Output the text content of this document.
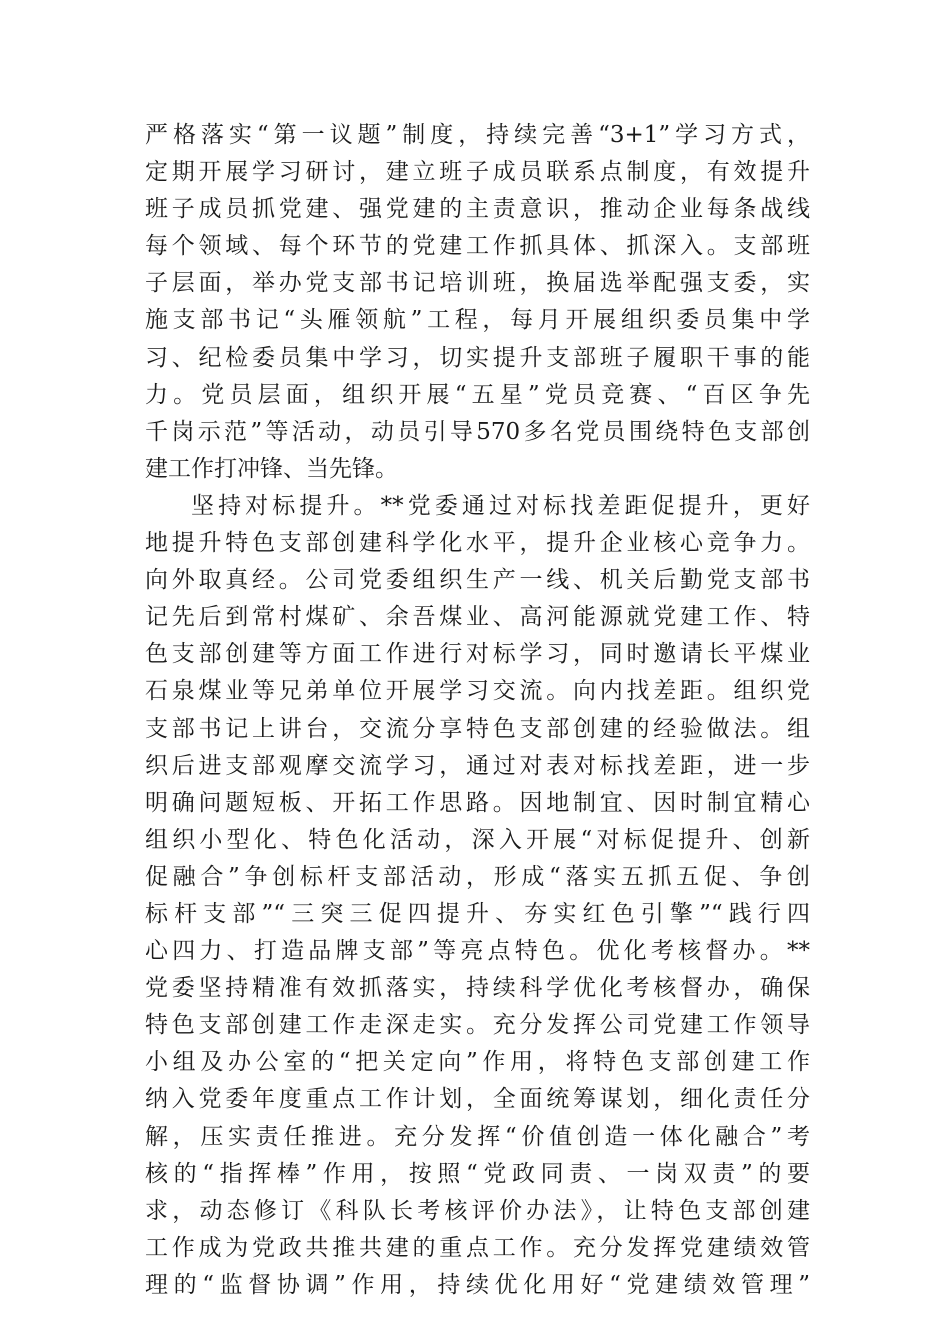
严格落实“第一议题”制度，持续完善“3+1”学习方式，
定期开展学习研讨，建立班子成员联系点制度，有效提升
班子成员抓党建、强党建的主责意识，推动企业每条战线
每个领域、每个环节的党建工作抓具体、抓深入。支部班
子层面，举办党支部书记培训班，换届选举配强支委，实
施支部书记“头雁领航”工程，每月开展组织委员集中学
习、纪检委员集中学习，切实提升支部班子履职干事的能
力。党员层面，组织开展“五星”党员竞赛、“百区争先
千岗示范”等活动，动员引导570多名党员围绕特色支部创
建工作打冲锋、当先锋。
坚持对标提升。**党委通过对标找差距促提升，更好
地提升特色支部创建科学化水平，提升企业核心竞争力。
向外取真经。公司党委组织生产一线、机关后勤党支部书
记先后到常村煤矿、余吾煤业、高河能源就党建工作、特
色支部创建等方面工作进行对标学习，同时邀请长平煤业
石泉煤业等兄弟单位开展学习交流。向内找差距。组织党
支部书记上讲台，交流分享特色支部创建的经验做法。组
织后进支部观摩交流学习，通过对表对标找差距，进一步
明确问题短板、开拓工作思路。因地制宜、因时制宜精心
组织小型化、特色化活动，深入开展“对标促提升、创新
促融合”争创标杆支部活动，形成“落实五抓五促、争创
标杆支部”“三突三促四提升、夯实红色引擎”“践行四
心四力、打造品牌支部”等亮点特色。优化考核督办。**
党委坚持精准有效抓落实，持续科学优化考核督办，确保
特色支部创建工作走深走实。充分发挥公司党建工作领导
小组及办公室的“把关定向”作用，将特色支部创建工作
纳入党委年度重点工作计划，全面统筹谋划，细化责任分
解，压实责任推进。充分发挥“价值创造一体化融合”考
核的“指挥棒”作用，按照“党政同责、一岗双责”的要
求，动态修订《科队长考核评价办法》，让特色支部创建
工作成为党政共推共建的重点工作。充分发挥党建绩效管
理的“监督协调”作用，持续优化用好“党建绩效管理”
